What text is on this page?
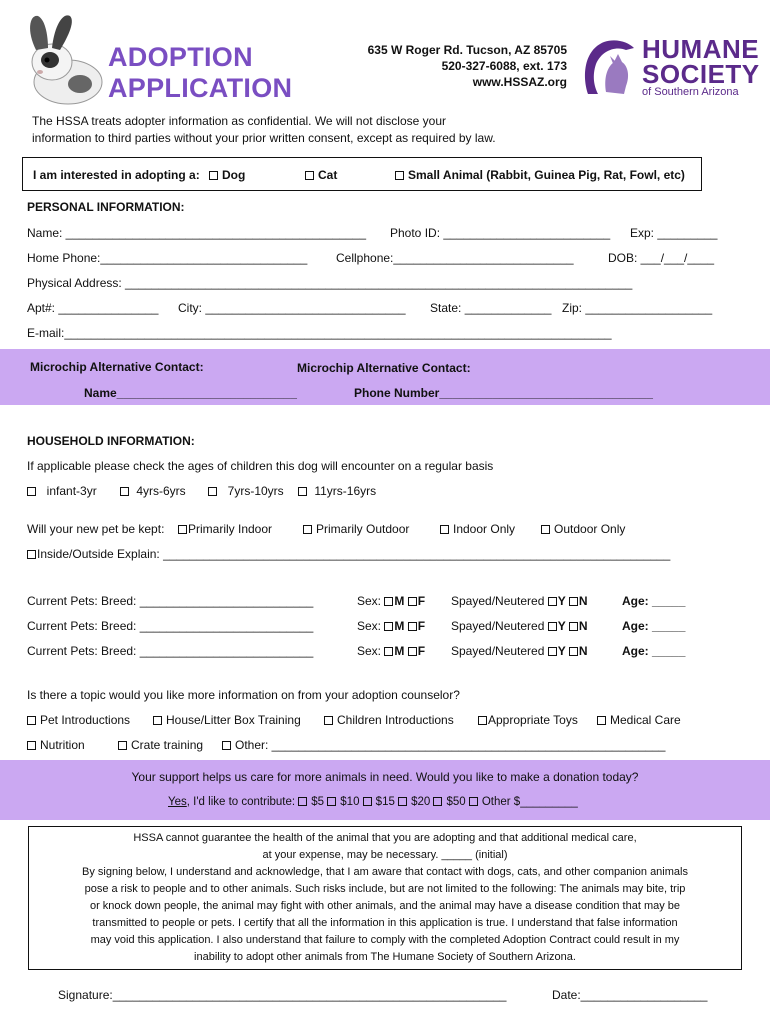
ADOPTION
APPLICATION
635 W Roger Rd. Tucson, AZ 85705
520-327-6088, ext. 173
www.HSSAZ.org
HUMANE
SOCIETY
of Southern Arizona
The HSSA treats adopter information as confidential. We will not disclose your
information to third parties without your prior written consent, except as required by law.
I am interested in adopting a:	Dog	Cat	Small Animal (Rabbit, Guinea Pig, Rat, Fowl, etc)
PERSONAL INFORMATION:
Name: _____________________________________________ Photo ID: _________________________ Exp: _________
Home Phone:_______________________________ Cellphone:___________________________	DOB: ___/___/____
Physical Address: ____________________________________________________________________________
Apt#: _______________ City: ______________________________ State: _____________ Zip: ___________________
E-mail:__________________________________________________________________________________
Microchip Alternative Contact:	Microchip Alternative Contact:
Name___________________________	Phone Number________________________________
HOUSEHOLD INFORMATION:
If applicable please check the ages of children this dog will encounter on a regular basis
infant-3yr	4yrs-6yrs	7yrs-10yrs	11yrs-16yrs
Will your new pet be kept:	Primarily Indoor	Primarily Outdoor	Indoor Only	Outdoor Only
Inside/Outside Explain: ____________________________________________________________________________
Current Pets: Breed: __________________________	Sex: M F Spayed/Neutered Y N	Age: _____
Current Pets: Breed: __________________________	Sex: M F Spayed/Neutered Y N	Age: _____
Current Pets: Breed: __________________________	Sex: M F Spayed/Neutered Y N	Age: _____
Is there a topic would you like more information on from your adoption counselor?
Pet Introductions	House/Litter Box Training	Children Introductions	Appropriate Toys	Medical Care
Nutrition	Crate training	Other: ___________________________________________________________
Your support helps us care for more animals in need. Would you like to make a donation today?
Yes, I'd like to contribute: $5 $10 $15 $20 $50 Other $_________
HSSA cannot guarantee the health of the animal that you are adopting and that additional medical care,
at your expense, may be necessary. _____ (initial)
By signing below, I understand and acknowledge, that I am aware that contact with dogs, cats, and other companion animals
pose a risk to people and to other animals. Such risks include, but are not limited to the following: The animals may bite, trip
or knock down people, the animal may fight with other animals, and the animal may have a disease condition that may be
transmitted to people or pets. I certify that all the information in this application is true. I understand that false information
may void this application. I also understand that failure to comply with the completed Adoption Contract could result in my
inability to adopt other animals from The Humane Society of Southern Arizona.
Signature:___________________________________________________________	Date:___________________
